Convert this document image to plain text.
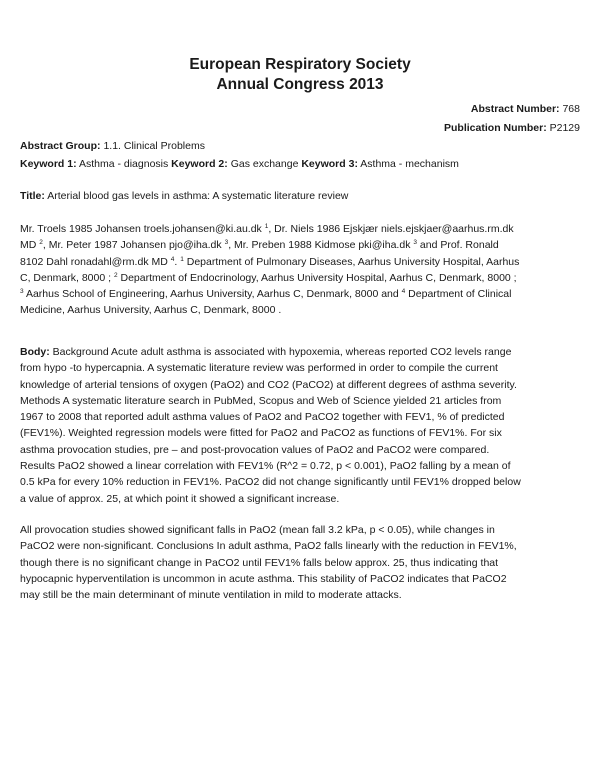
European Respiratory Society
Annual Congress 2013
Abstract Number: 768
Publication Number: P2129
Abstract Group: 1.1. Clinical Problems
Keyword 1: Asthma - diagnosis Keyword 2: Gas exchange Keyword 3: Asthma - mechanism
Title: Arterial blood gas levels in asthma: A systematic literature review
Mr. Troels 1985 Johansen troels.johansen@ki.au.dk $^1$, Dr. Niels 1986 Ejskjær niels.ejskjaer@aarhus.rm.dk
MD $^2$, Mr. Peter 1987 Johansen pjo@iha.dk $^3$, Mr. Preben 1988 Kidmose pki@iha.dk $^3$ and Prof. Ronald
8102 Dahl ronadahl@rm.dk MD $^4$. $^1$ Department of Pulmonary Diseases, Aarhus University Hospital, Aarhus
C, Denmark, 8000 ; $^2$ Department of Endocrinology, Aarhus University Hospital, Aarhus C, Denmark, 8000 ;
$^3$ Aarhus School of Engineering, Aarhus University, Aarhus C, Denmark, 8000 and $^4$ Department of Clinical
Medicine, Aarhus University, Aarhus C, Denmark, 8000 .
Body: Background Acute adult asthma is associated with hypoxemia, whereas reported CO2 levels range
from hypo -to hypercapnia. A systematic literature review was performed in order to compile the current
knowledge of arterial tensions of oxygen (PaO2) and CO2 (PaCO2) at different degrees of asthma severity.
Methods A systematic literature search in PubMed, Scopus and Web of Science yielded 21 articles from
1967 to 2008 that reported adult asthma values of PaO2 and PaCO2 together with FEV1, % of predicted
(FEV1%). Weighted regression models were fitted for PaO2 and PaCO2 as functions of FEV1%. For six
asthma provocation studies, pre – and post-provocation values of PaO2 and PaCO2 were compared.
Results PaO2 showed a linear correlation with FEV1% (R^2 = 0.72, p < 0.001), PaO2 falling by a mean of
0.5 kPa for every 10% reduction in FEV1%. PaCO2 did not change significantly until FEV1% dropped below
a value of approx. 25, at which point it showed a significant increase.
All provocation studies showed significant falls in PaO2 (mean fall 3.2 kPa, p < 0.05), while changes in
PaCO2 were non-significant. Conclusions In adult asthma, PaO2 falls linearly with the reduction in FEV1%,
though there is no significant change in PaCO2 until FEV1% falls below approx. 25, thus indicating that
hypocapnic hyperventilation is uncommon in acute asthma. This stability of PaCO2 indicates that PaCO2
may still be the main determinant of minute ventilation in mild to moderate attacks.
